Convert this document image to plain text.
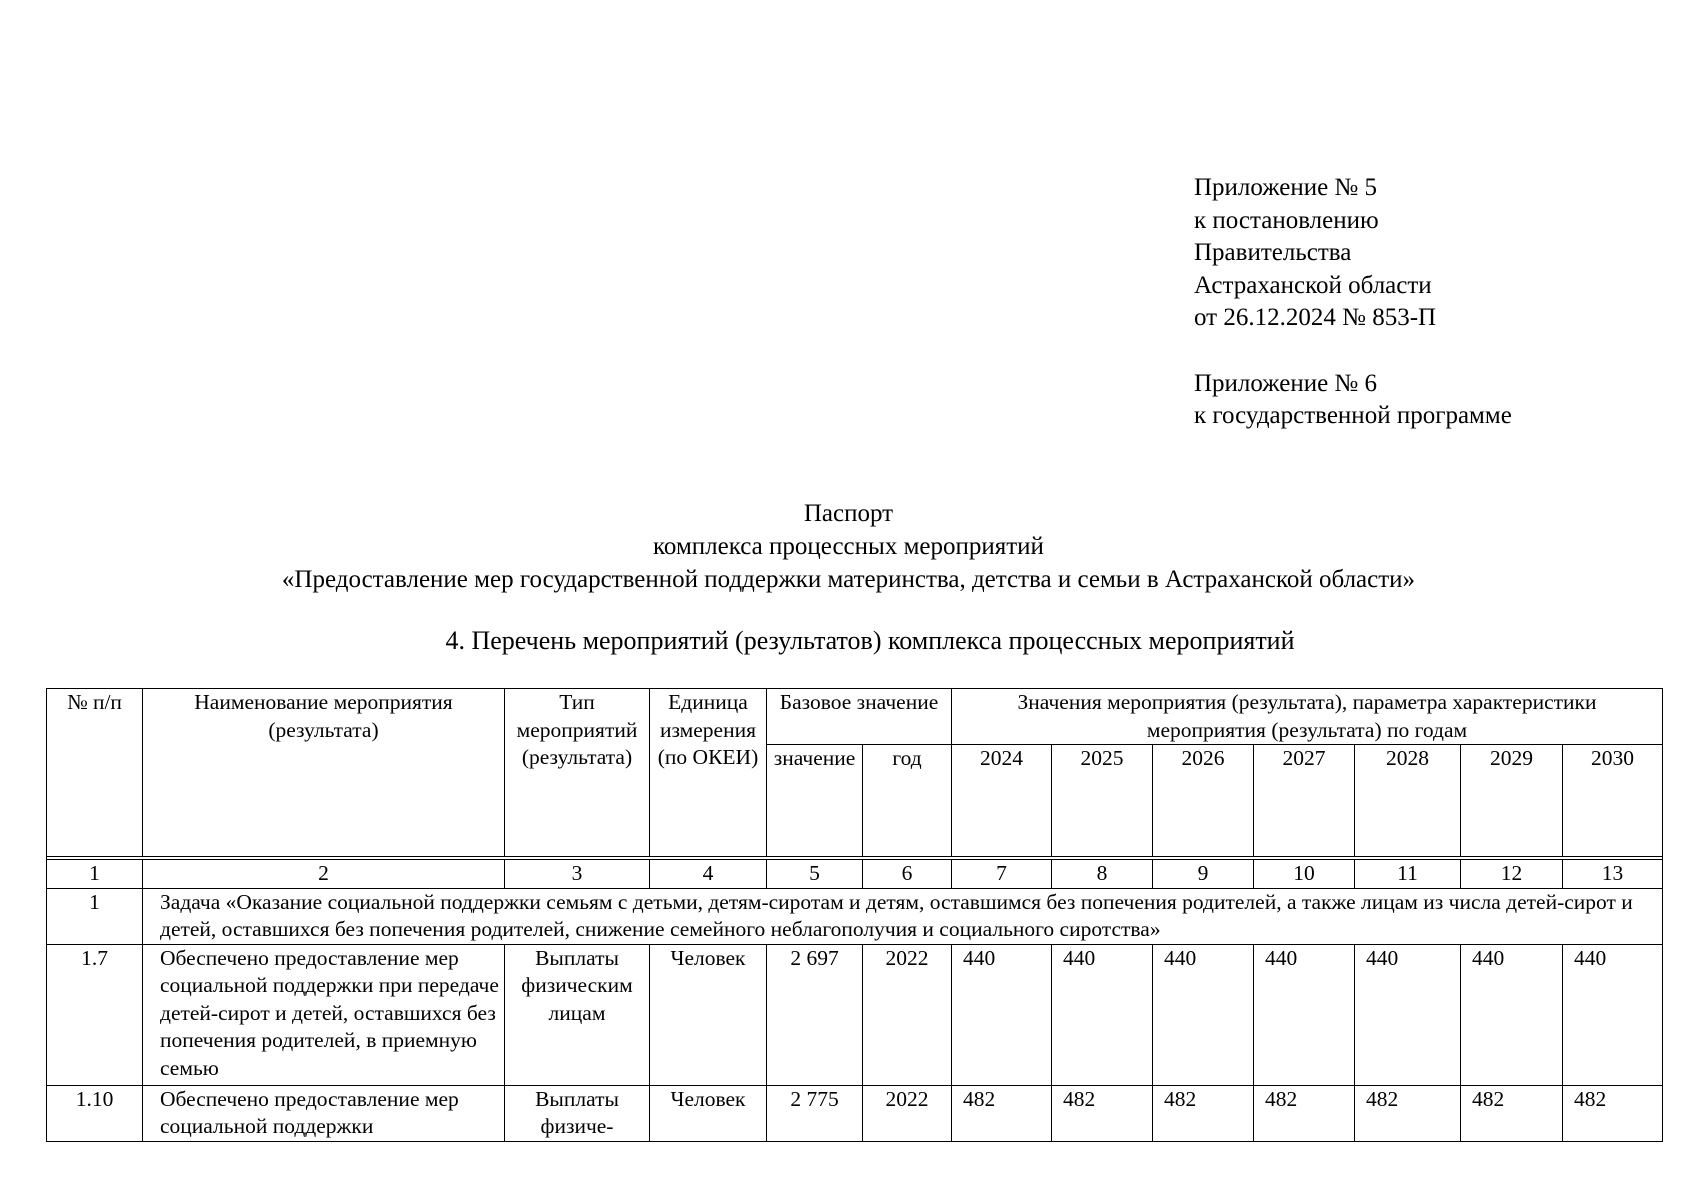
Приложение № 5
к постановлению
Правительства
Астраханской области
от 26.12.2024 № 853-П
Приложение № 6
к государственной программе
Паспорт
комплекса процессных мероприятий
«Предоставление мер государственной поддержки материнства, детства и семьи в Астраханской области»
4. Перечень мероприятий (результатов) комплекса процессных мероприятий
№ п/п	Наименование мероприятия (результата)	Тип мероприятий (результата)	Единица измерения (по ОКЕИ)	Базовое значение		Значения мероприятия (результата), параметра характеристики мероприятия (результата) по годам						
				значение	год	2024	2025	2026	2027	2028	2029	2030

1	2	3	4	5	6	7	8	9	10	11	12	13
1	Задача «Оказание социальной поддержки семьям с детьми, детям-сиротам и детям, оставшимся без попечения родителей, а также лицам из числа детей-сирот и детей, оставшихся без попечения родителей, снижение семейного неблагополучия и социального сиротства»											
1.7	Обеспечено предоставление мер социальной поддержки при передаче детей-сирот и детей, оставшихся без попечения родителей, в приемную семью	Выплаты физическим лицам	Человек	2 697	2022	440	440	440	440	440	440	440
1.10	Обеспечено предоставление мер социальной поддержки	Выплаты физиче-	Человек	2 775	2022	482	482	482	482	482	482	482
